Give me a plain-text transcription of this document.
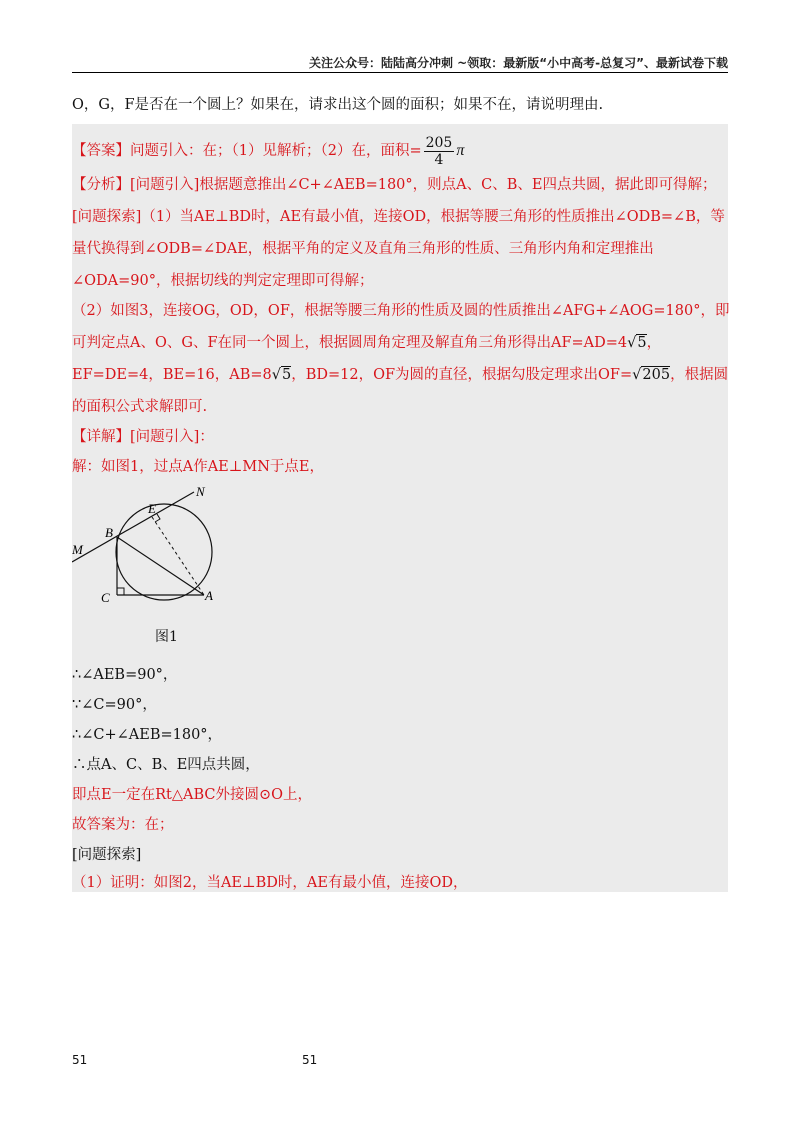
关注公众号：陆陆高分冲刺 ~领取：最新版“小中高考-总复习”、最新试卷下载
O，G，F是否在一个圆上？如果在，请求出这个圆的面积；如果不在，请说明理由.
【答案】问题引入：在；（1）见解析；（2）在，面积= $\frac{205}{4}$ π
【分析】[问题引入]根据题意推出∠C+∠AEB=180°，则点A、C、B、E四点共圆，据此即可得解；
[问题探索]（1）当AE⊥BD时，AE有最小值，连接OD，根据等腰三角形的性质推出∠ODB=∠B，等
量代换得到∠ODB=∠DAE，根据平角的定义及直角三角形的性质、三角形内角和定理推出
∠ODA=90°，根据切线的判定定理即可得解；
（2）如图3，连接OG，OD，OF，根据等腰三角形的性质及圆的性质推出∠AFG+∠AOG=180°，即
可判定点A、O、G、F在同一个圆上，根据圆周角定理及解直角三角形得出AF=AD=4√5，
EF=DE=4，BE=16，AB=8√5，BD=12，OF为圆的直径，根据勾股定理求出OF=√205，根据圆
的面积公式求解即可.
【详解】[问题引入]：
解：如图1，过点A作AE⊥MN于点E，
N
E
B
M
C	A
图1
∴∠AEB=90°，
∵∠C=90°，
∴∠C+∠AEB=180°，
∴点A、C、B、E四点共圆，
即点E一定在Rt△ABC外接圆⊙O上，
故答案为：在；
[问题探索]
（1）证明：如图2，当AE⊥BD时，AE有最小值，连接OD，
51	51
